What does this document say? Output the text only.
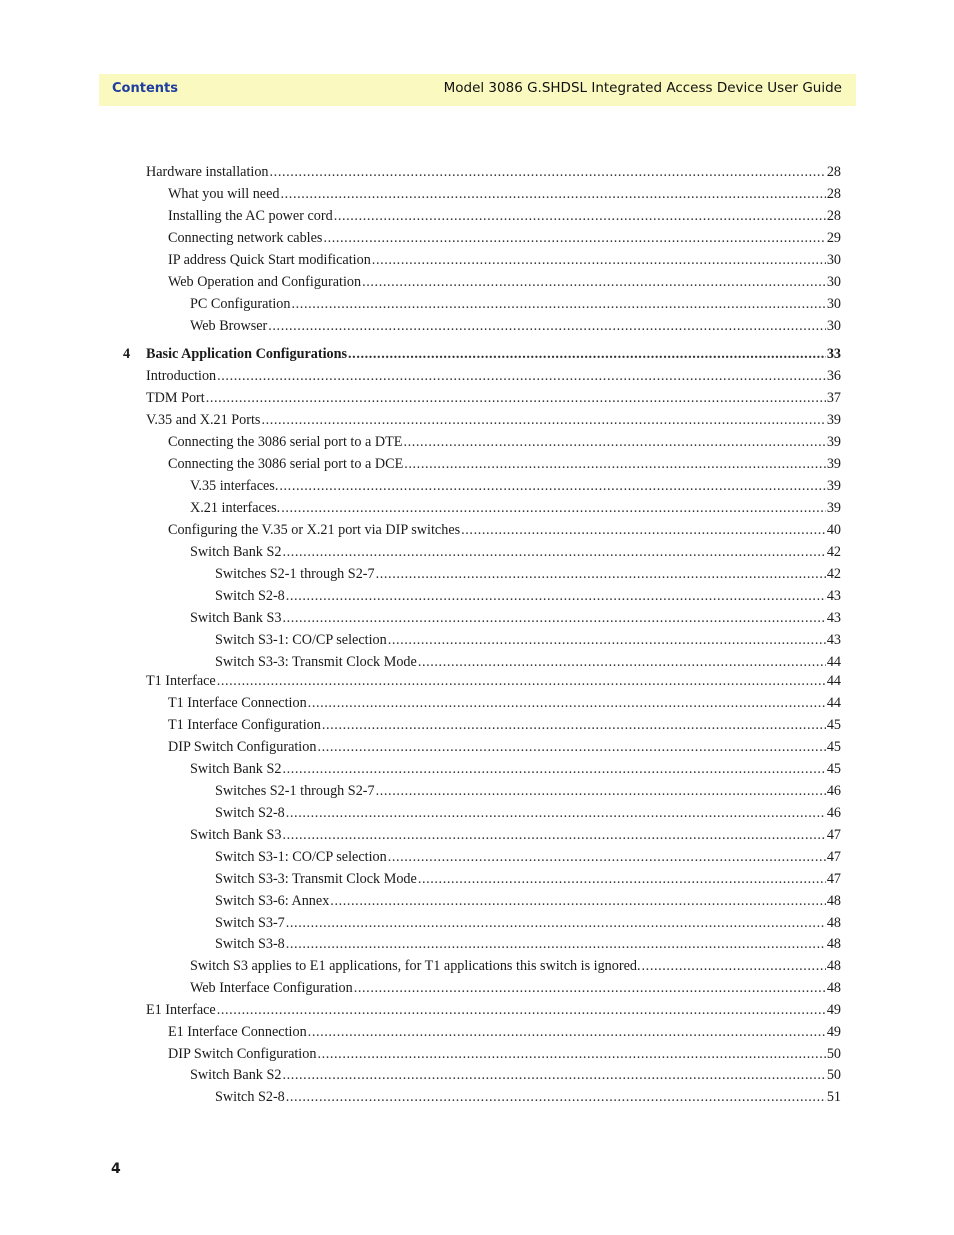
Contents	Model 3086 G.SHDSL Integrated Access Device User Guide
Hardware installation .....	28
What you will need .....	28
Installing the AC power cord .....	28
Connecting network cables .....	29
IP address Quick Start modification .....	30
Web Operation and Configuration .....	30
PC Configuration .....	30
Web Browser .....	30
4 Basic Application Configurations .....	33
Introduction .....	36
TDM Port .....	37
V.35 and X.21 Ports .....	39
Connecting the 3086 serial port to a DTE .....	39
Connecting the 3086 serial port to a DCE .....	39
V.35 interfaces. .....	39
X.21 interfaces. .....	39
Configuring the V.35 or X.21 port via DIP switches .....	40
Switch Bank S2 .....	42
Switches S2-1 through S2-7 .....	42
Switch S2-8 .....	43
Switch Bank S3 .....	43
Switch S3-1: CO/CP selection .....	43
Switch S3-3: Transmit Clock Mode .....	44
T1 Interface .....	44
T1 Interface Connection .....	44
T1 Interface Configuration .....	45
DIP Switch Configuration .....	45
Switch Bank S2 .....	45
Switches S2-1 through S2-7 .....	46
Switch S2-8 .....	46
Switch Bank S3 .....	47
Switch S3-1: CO/CP selection .....	47
Switch S3-3: Transmit Clock Mode .....	47
Switch S3-6: Annex .....	48
Switch S3-7 .....	48
Switch S3-8 .....	48
Switch S3 applies to E1 applications, for T1 applications this switch is ignored. .....	48
Web Interface Configuration .....	48
E1 Interface .....	49
E1 Interface Connection .....	49
DIP Switch Configuration .....	50
Switch Bank S2 .....	50
Switch S2-8 .....	51
4
